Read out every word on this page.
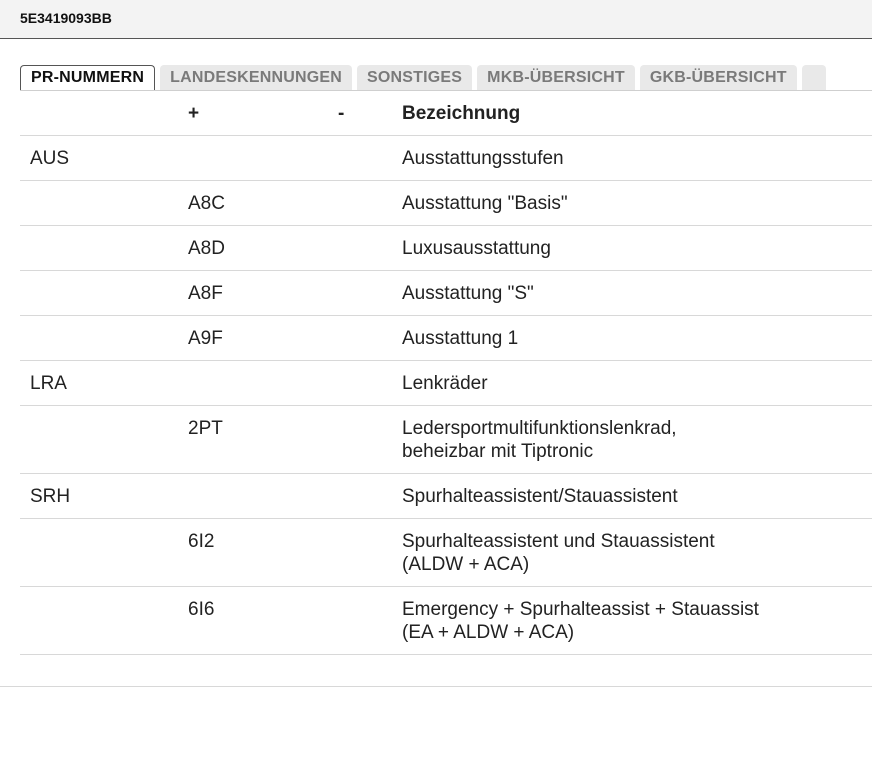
5E3419093BB
PR-NUMMERN LANDESKENNUNGEN SONSTIGES MKB-ÜBERSICHT GKB-ÜBERSICHT
	+	-	Bezeichnung
AUS			Ausstattungsstufen

	A8C		Ausstattung "Basis"

	A8D		Luxusausstattung

	A8F		Ausstattung "S"

	A9F		Ausstattung 1

LRA			Lenkräder

	2PT		Ledersportmultifunktionslenkrad,
beheizbar mit Tiptronic

SRH			Spurhalteassistent/Stauassistent

	6I2		Spurhalteassistent und Stauassistent
(ALDW + ACA)

	6I6		Emergency + Spurhalteassist + Stauassist
(EA + ALDW + ACA)
